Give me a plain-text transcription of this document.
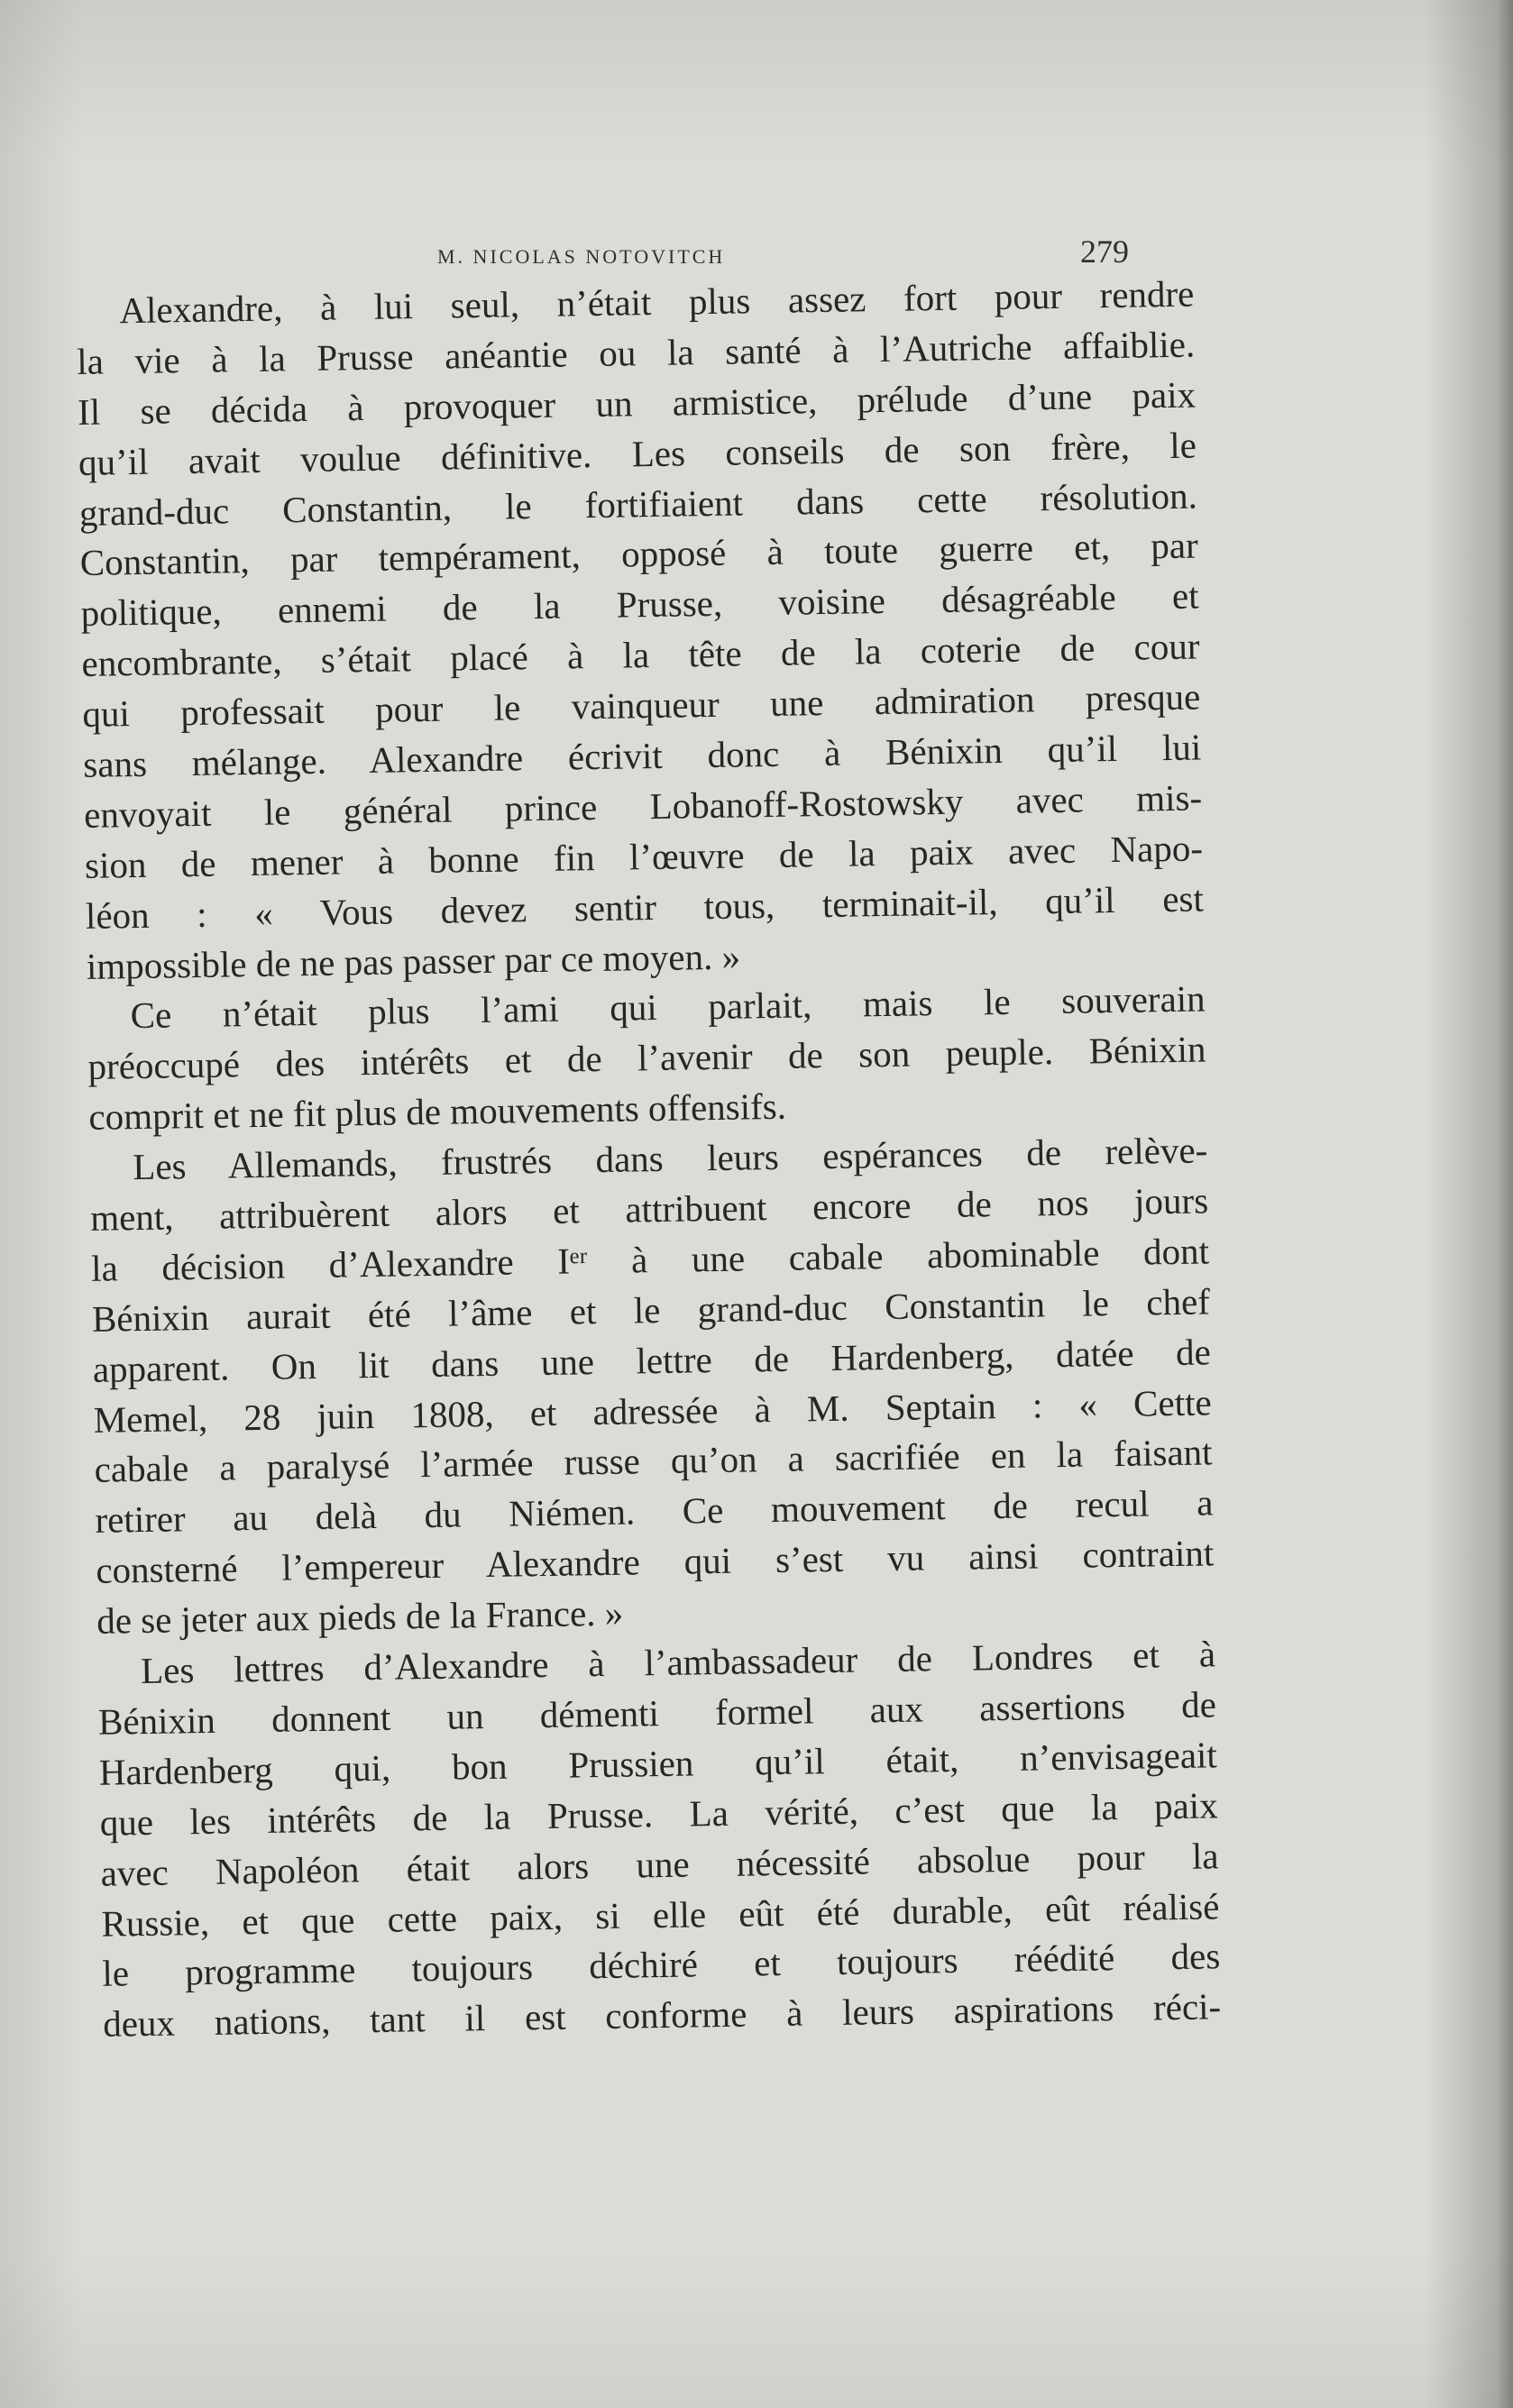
M. NICOLAS NOTOVITCH	279
Alexandre, à lui seul, n’était plus assez fort pour rendre
la vie à la Prusse anéantie ou la santé à l’Autriche affaiblie.
Il se décida à provoquer un armistice, prélude d’une paix
qu’il avait voulue définitive. Les conseils de son frère, le
grand-duc Constantin, le fortifiaient dans cette résolution.
Constantin, par tempérament, opposé à toute guerre et, par
politique, ennemi de la Prusse, voisine désagréable et
encombrante, s’était placé à la tête de la coterie de cour
qui professait pour le vainqueur une admiration presque
sans mélange. Alexandre écrivit donc à Bénixin qu’il lui
envoyait le général prince Lobanoff-Rostowsky avec mis-
sion de mener à bonne fin l’œuvre de la paix avec Napo-
léon : « Vous devez sentir tous, terminait-il, qu’il est
impossible de ne pas passer par ce moyen. »
Ce n’était plus l’ami qui parlait, mais le souverain
préoccupé des intérêts et de l’avenir de son peuple. Bénixin
comprit et ne fit plus de mouvements offensifs.
Les Allemands, frustrés dans leurs espérances de relève-
ment, attribuèrent alors et attribuent encore de nos jours
la décision d’Alexandre Iᵉʳ à une cabale abominable dont
Bénixin aurait été l’âme et le grand-duc Constantin le chef
apparent. On lit dans une lettre de Hardenberg, datée de
Memel, 28 juin 1808, et adressée à M. Septain : « Cette
cabale a paralysé l’armée russe qu’on a sacrifiée en la faisant
retirer au delà du Niémen. Ce mouvement de recul a
consterné l’empereur Alexandre qui s’est vu ainsi contraint
de se jeter aux pieds de la France. »
Les lettres d’Alexandre à l’ambassadeur de Londres et à
Bénixin donnent un démenti formel aux assertions de
Hardenberg qui, bon Prussien qu’il était, n’envisageait
que les intérêts de la Prusse. La vérité, c’est que la paix
avec Napoléon était alors une nécessité absolue pour la
Russie, et que cette paix, si elle eût été durable, eût réalisé
le programme toujours déchiré et toujours réédité des
deux nations, tant il est conforme à leurs aspirations réci-
